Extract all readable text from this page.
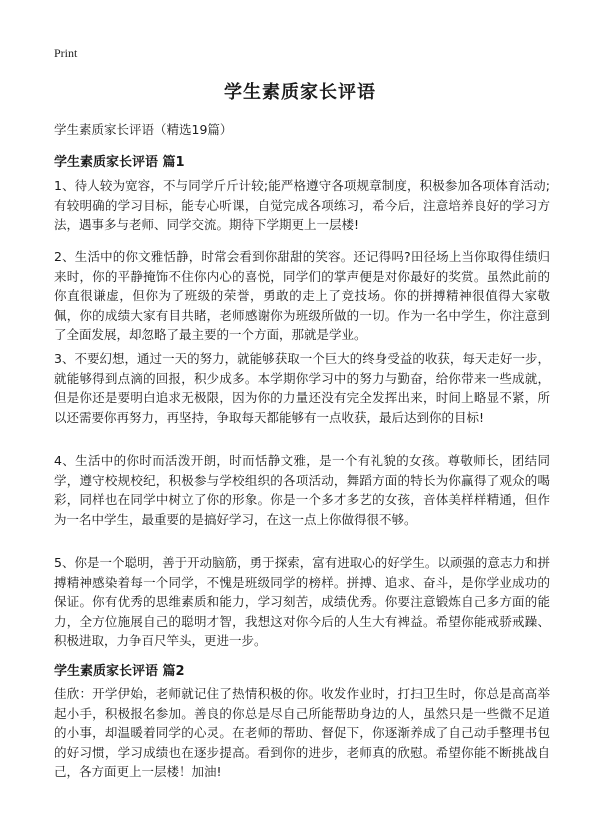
Print
学生素质家长评语
学生素质家长评语（精选19篇）
学生素质家长评语 篇1

1、待人较为宽容，不与同学斤斤计较;能严格遵守各项规章制度，积极参加各项体育活动;有较明确的学习目标，能专心听课，自觉完成各项练习，希今后，注意培养良好的学习方法，遇事多与老师、同学交流。期待下学期更上一层楼!

2、生活中的你文雅恬静，时常会看到你甜甜的笑容。还记得吗?田径场上当你取得佳绩归来时，你的平静掩饰不住你内心的喜悦，同学们的掌声便是对你最好的奖赏。虽然此前的你直很谦虚，但你为了班级的荣誉，勇敢的走上了竞技场。你的拼搏精神很值得大家敬佩，你的成绩大家有目共睹，老师感谢你为班级所做的一切。作为一名中学生，你注意到了全面发展，却忽略了最主要的一个方面，那就是学业。

3、不要幻想，通过一天的努力，就能够获取一个巨大的终身受益的收获，每天走好一步，就能够得到点滴的回报，积少成多。本学期你学习中的努力与勤奋，给你带来一些成就，但是你还是要明白追求无极限，因为你的力量还没有完全发挥出来，时间上略显不紧，所以还需要你再努力，再坚持，争取每天都能够有一点收获，最后达到你的目标!

4、生活中的你时而活泼开朗，时而恬静文雅，是一个有礼貌的女孩。尊敬师长，团结同学，遵守校规校纪，积极参与学校组织的各项活动，舞蹈方面的特长为你赢得了观众的喝彩，同样也在同学中树立了你的形象。你是一个多才多艺的女孩，音体美样样精通，但作为一名中学生，最重要的是搞好学习，在这一点上你做得很不够。

5、你是一个聪明，善于开动脑筋，勇于探索，富有进取心的好学生。以顽强的意志力和拼搏精神感染着每一个同学，不愧是班级同学的榜样。拼搏、追求、奋斗，是你学业成功的保证。你有优秀的思维素质和能力，学习刻苦，成绩优秀。你要注意锻炼自己多方面的能力，全方位施展自己的聪明才智，我想这对你今后的人生大有裨益。希望你能戒骄戒躁、积极进取，力争百尺竿头，更进一步。

学生素质家长评语 篇2

佳欣：开学伊始，老师就记住了热情积极的你。收发作业时，打扫卫生时，你总是高高举起小手，积极报名参加。善良的你总是尽自己所能帮助身边的人，虽然只是一些微不足道的小事，却温暖着同学的心灵。在老师的帮助、督促下，你逐渐养成了自己动手整理书包的好习惯，学习成绩也在逐步提高。看到你的进步，老师真的欣慰。希望你能不断挑战自己，各方面更上一层楼！加油!
